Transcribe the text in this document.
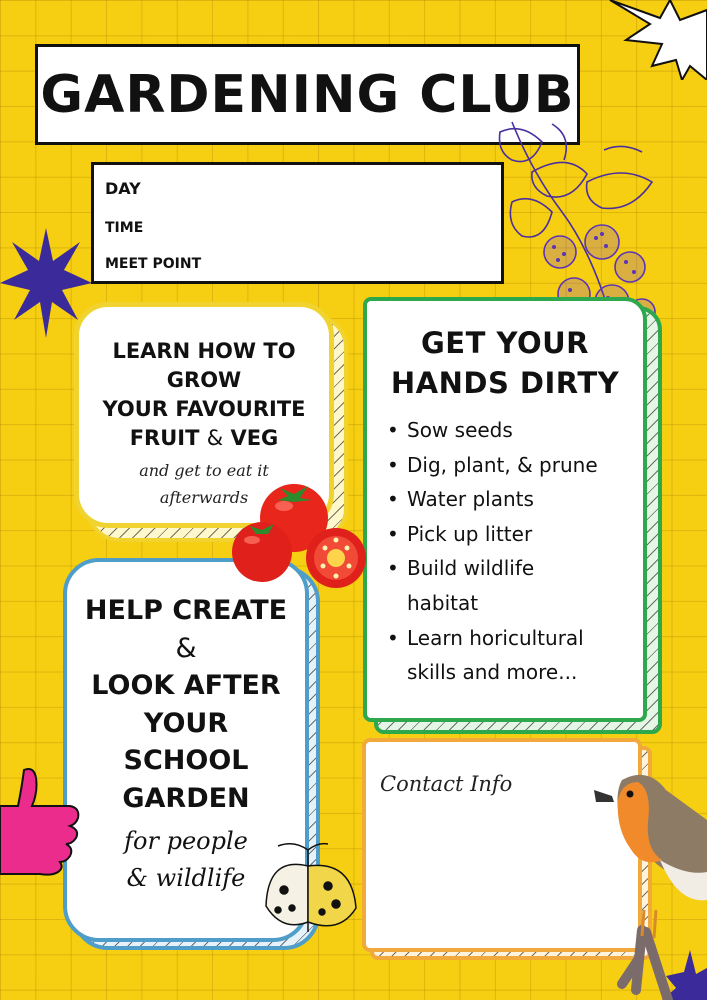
GARDENING CLUB
DAY
TIME
MEET POINT
LEARN HOW TO
GROW
YOUR FAVOURITE
FRUIT & VEG
and get to eat it
afterwards
GET YOUR
HANDS DIRTY
• Sow seeds
• Dig, plant, & prune
• Water plants
• Pick up litter
• Build wildlife
habitat
• Learn horicultural
skills and more...
HELP CREATE
&
LOOK AFTER
YOUR
SCHOOL
GARDEN
for people
& wildlife
Contact Info
